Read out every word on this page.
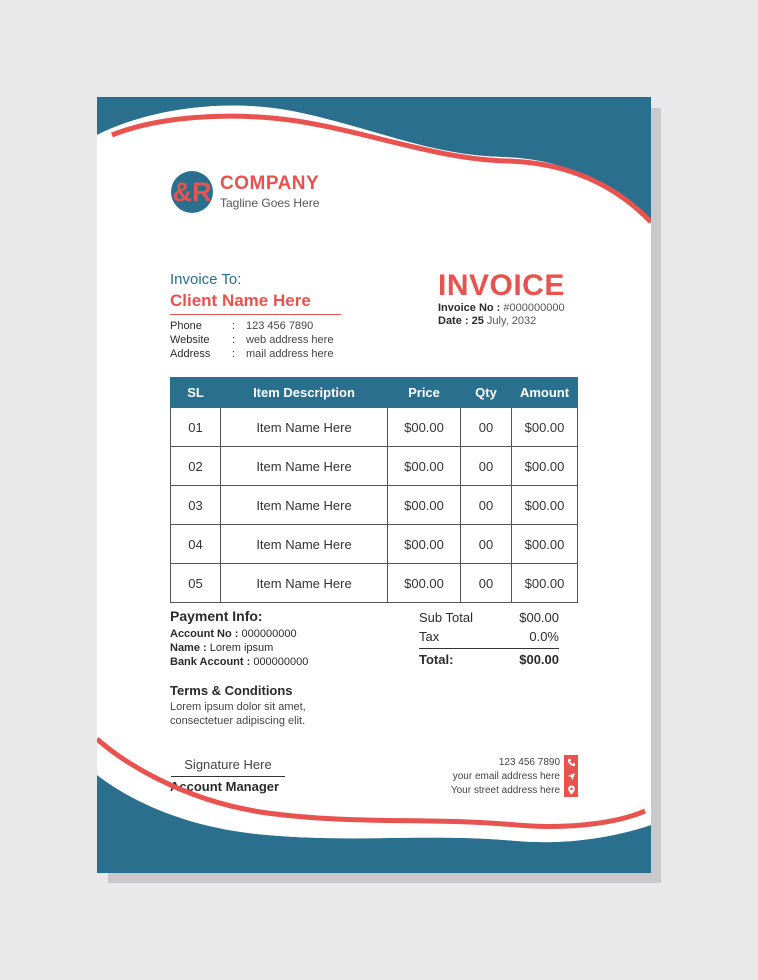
&R COMPANY
Tagline Goes Here
Invoice To:
Client Name Here
Phone	: 123 456 7890
Website	: web address here
Address	: mail address here
INVOICE
Invoice No : #000000000
Date : 25 July, 2032
SL	Item Description	Price	Qty	Amount
01	Item Name Here	$00.00	00	$00.00
02	Item Name Here	$00.00	00	$00.00
03	Item Name Here	$00.00	00	$00.00
04	Item Name Here	$00.00	00	$00.00
05	Item Name Here	$00.00	00	$00.00
Payment Info:
Account No : 000000000
Name : Lorem ipsum
Bank Account : 000000000
Sub Total	$00.00
Tax	0.0%
Total:	$00.00
Terms & Conditions
Lorem ipsum dolor sit amet,
consectetuer adipiscing elit.
Signature Here
Account Manager
123 456 7890
your email address here
Your street address here
